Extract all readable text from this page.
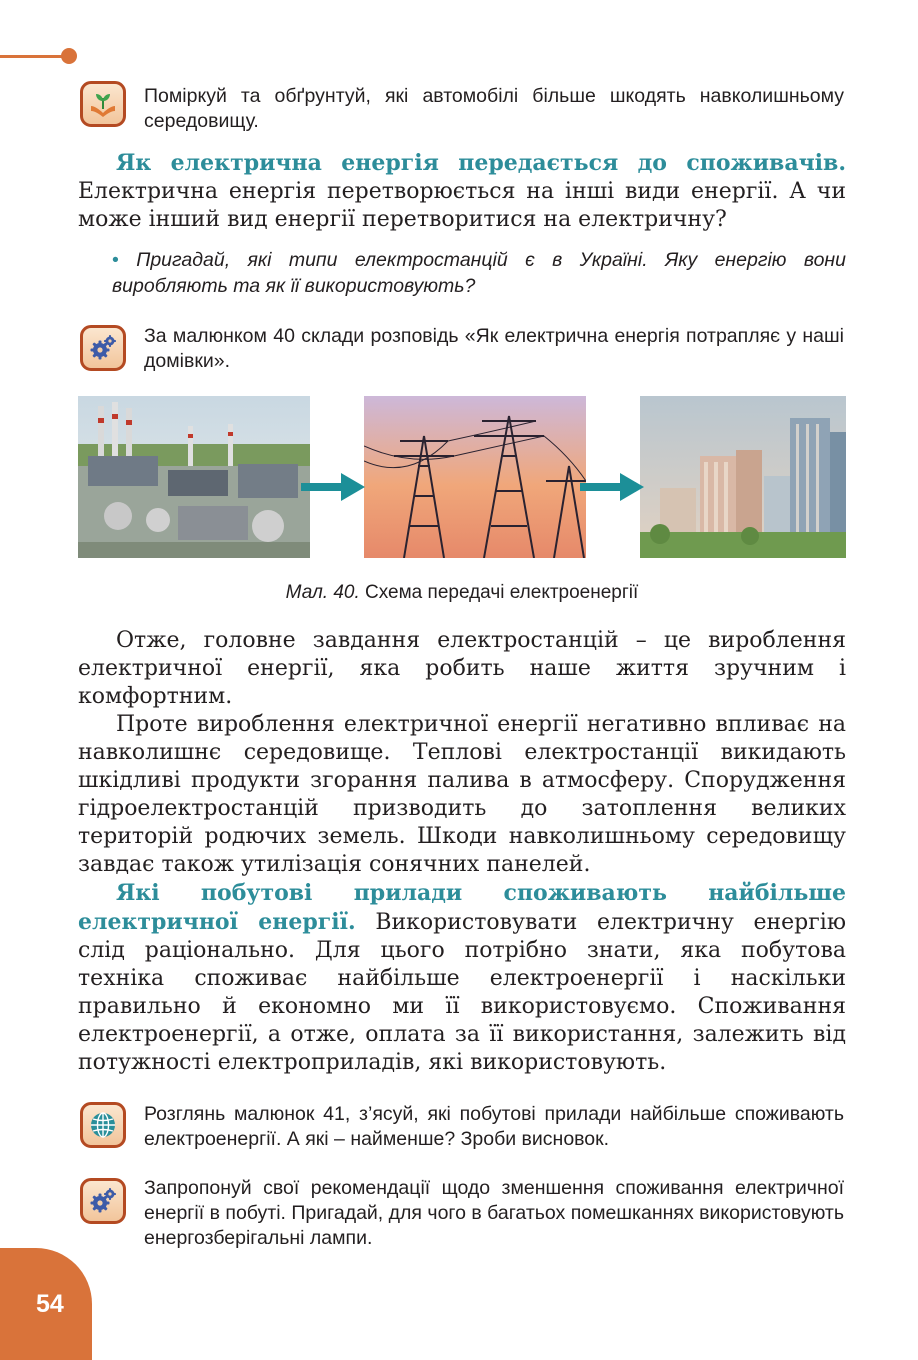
Поміркуй та обґрунтуй, які автомобілі більше шкодять навколишньому середовищу.

Як електрична енергія передається до споживачів. Електрична енергія перетворюється на інші види енергії. А чи може інший вид енергії перетворитися на електричну?

• Пригадай, які типи електростанцій є в Україні. Яку енергію вони виробляють та як її використовують?
За малюнком 40 склади розповідь «Як електрична енергія потрапляє у наші домівки».
Мал. 40. Схема передачі електроенергії

Отже, головне завдання електростанцій – це вироблення електричної енергії, яка робить наше життя зручним і комфортним.

Проте вироблення електричної енергії негативно впливає на навколишнє середовище. Теплові електростанції викидають шкідливі продукти згорання палива в атмосферу. Спорудження гідроелектростанцій призводить до затоплення великих територій родючих земель. Шкоди навколишньому середовищу завдає також утилізація сонячних панелей.

Які побутові прилади споживають найбільше електричної енергії. Використовувати електричну енергію слід раціонально. Для цього потрібно знати, яка побутова техніка споживає найбільше електроенергії і наскільки правильно й економно ми її використовуємо. Споживання електроенергії, а отже, оплата за її використання, залежить від потужності електроприладів, які використовують.

Розглянь малюнок 41, з’ясуй, які побутові прилади найбільше споживають електроенергії. А які – найменше? Зроби висновок.
Запропонуй свої рекомендації щодо зменшення споживання електричної енергії в побуті. Пригадай, для чого в багатьох помешканнях використовують енергозберігальні лампи.
54
